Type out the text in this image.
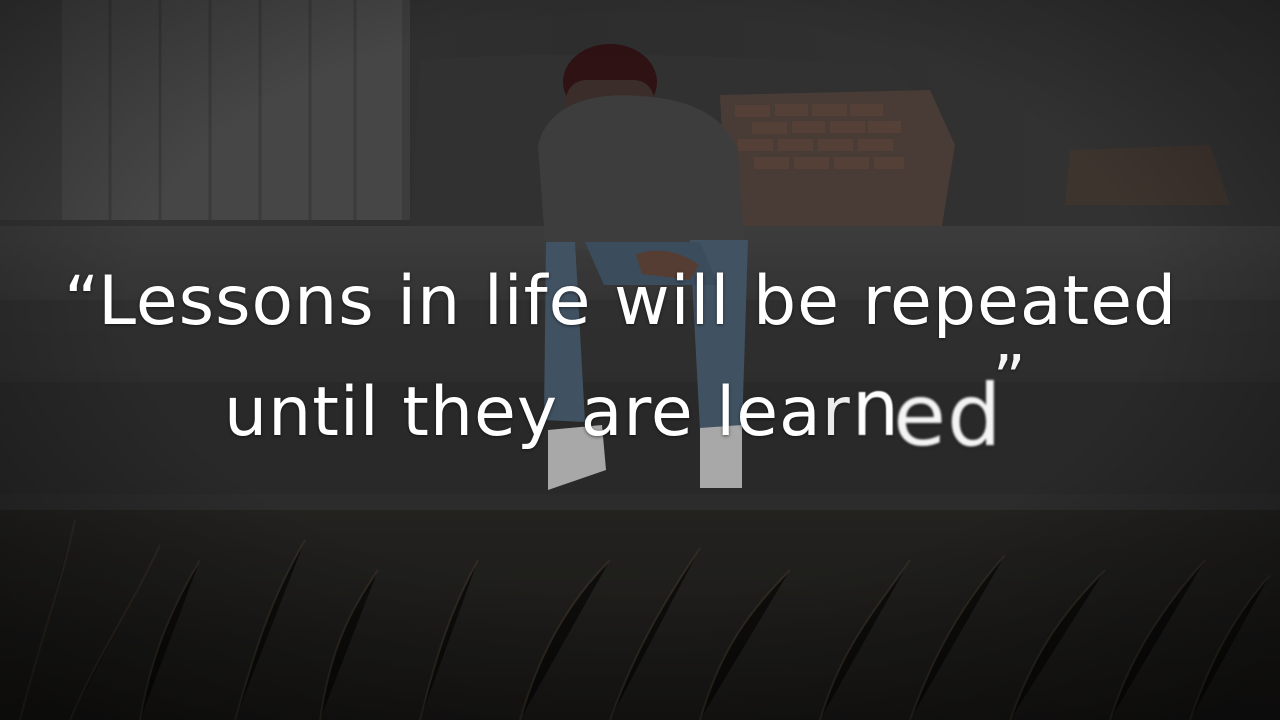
“Lessons in life will be repeated
until they are learned”
